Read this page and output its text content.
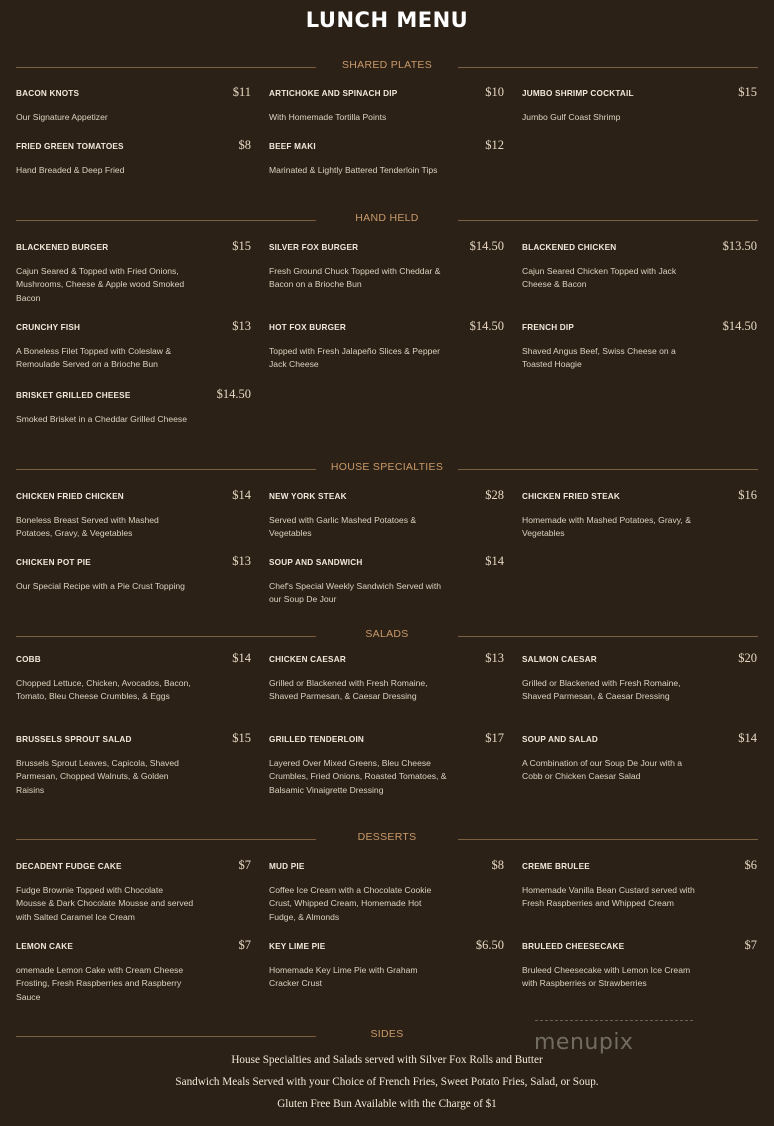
LUNCH MENU
SHARED PLATES
BACON KNOTS	$11
Our Signature Appetizer
ARTICHOKE AND SPINACH DIP	$10
With Homemade Tortilla Points
JUMBO SHRIMP COCKTAIL	$15
Jumbo Gulf Coast Shrimp
FRIED GREEN TOMATOES	$8
Hand Breaded & Deep Fried
BEEF MAKI	$12
Marinated & Lightly Battered Tenderloin Tips
HAND HELD
BLACKENED BURGER	$15
Cajun Seared & Topped with Fried Onions, Mushrooms, Cheese & Apple wood Smoked Bacon
SILVER FOX BURGER	$14.50
Fresh Ground Chuck Topped with Cheddar & Bacon on a Brioche Bun
BLACKENED CHICKEN	$13.50
Cajun Seared Chicken Topped with Jack Cheese & Bacon
CRUNCHY FISH	$13
A Boneless Filet Topped with Coleslaw & Remoulade Served on a Brioche Bun
HOT FOX BURGER	$14.50
Topped with Fresh Jalapeño Slices & Pepper Jack Cheese
FRENCH DIP	$14.50
Shaved Angus Beef, Swiss Cheese on a Toasted Hoagie
BRISKET GRILLED CHEESE	$14.50
Smoked Brisket in a Cheddar Grilled Cheese
HOUSE SPECIALTIES
CHICKEN FRIED CHICKEN	$14
Boneless Breast Served with Mashed Potatoes, Gravy, & Vegetables
NEW YORK STEAK	$28
Served with Garlic Mashed Potatoes & Vegetables
CHICKEN FRIED STEAK	$16
Homemade with Mashed Potatoes, Gravy, & Vegetables
CHICKEN POT PIE	$13
Our Special Recipe with a Pie Crust Topping
SOUP AND SANDWICH	$14
Chef's Special Weekly Sandwich Served with our Soup De Jour
SALADS
COBB	$14
Chopped Lettuce, Chicken, Avocados, Bacon, Tomato, Bleu Cheese Crumbles, & Eggs
CHICKEN CAESAR	$13
Grilled or Blackened with Fresh Romaine, Shaved Parmesan, & Caesar Dressing
SALMON CAESAR	$20
Grilled or Blackened with Fresh Romaine, Shaved Parmesan, & Caesar Dressing
BRUSSELS SPROUT SALAD	$15
Brussels Sprout Leaves, Capicola, Shaved Parmesan, Chopped Walnuts, & Golden Raisins
GRILLED TENDERLOIN	$17
Layered Over Mixed Greens, Bleu Cheese Crumbles, Fried Onions, Roasted Tomatoes, & Balsamic Vinaigrette Dressing
SOUP AND SALAD	$14
A Combination of our Soup De Jour with a Cobb or Chicken Caesar Salad
DESSERTS
DECADENT FUDGE CAKE	$7
Fudge Brownie Topped with Chocolate Mousse & Dark Chocolate Mousse and served with Salted Caramel Ice Cream
MUD PIE	$8
Coffee Ice Cream with a Chocolate Cookie Crust, Whipped Cream, Homemade Hot Fudge, & Almonds
CREME BRULEE	$6
Homemade Vanilla Bean Custard served with Fresh Raspberries and Whipped Cream
LEMON CAKE	$7
omemade Lemon Cake with Cream Cheese Frosting, Fresh Raspberries and Raspberry Sauce
KEY LIME PIE	$6.50
Homemade Key Lime Pie with Graham Cracker Crust
BRULEED CHEESECAKE	$7
Bruleed Cheesecake with Lemon Ice Cream with Raspberries or Strawberries
SIDES	menupix
House Specialties and Salads served with Silver Fox Rolls and Butter
Sandwich Meals Served with your Choice of French Fries, Sweet Potato Fries, Salad, or Soup.
Gluten Free Bun Available with the Charge of $1
